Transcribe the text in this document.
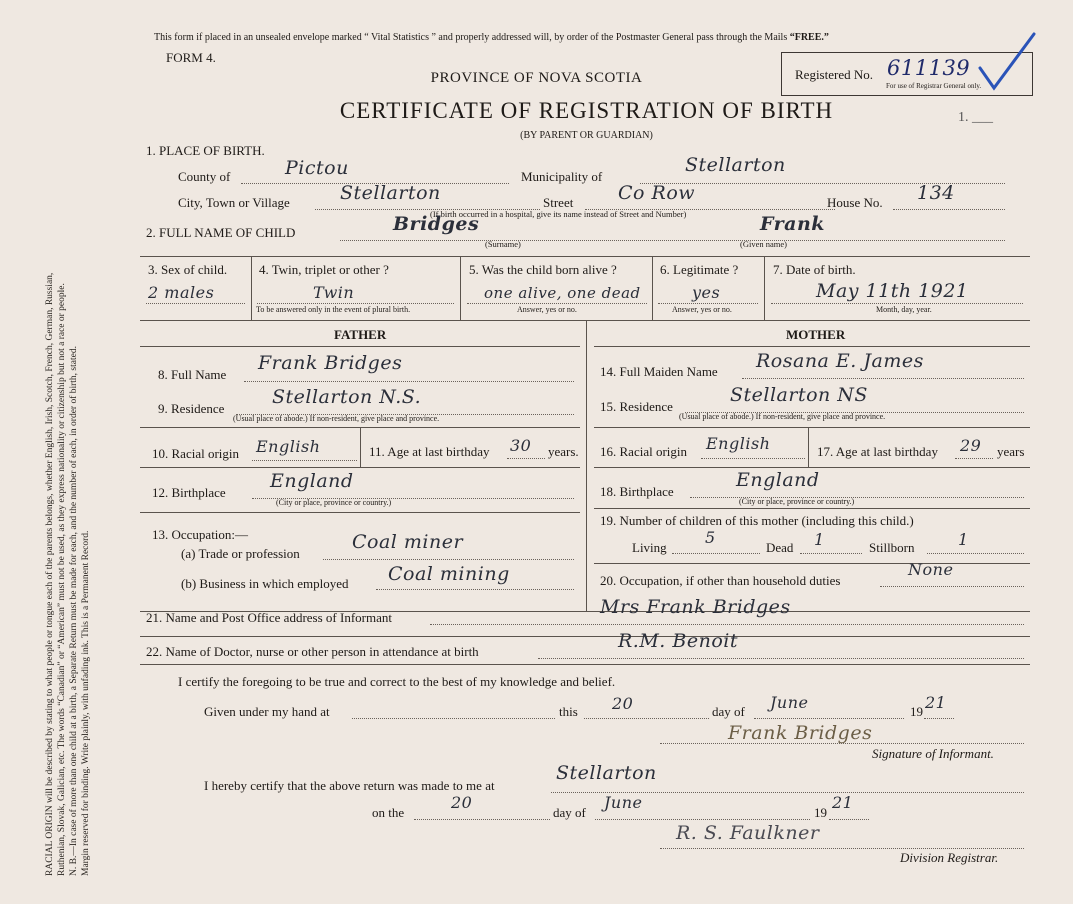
RACIAL ORIGIN will be described by stating to what people or tongue each of the parents belongs, whether English, Irish, Scotch, French, German, Russian, Ruthenian, Slovak, Galician, etc. The words “Canadian” or “American” must not be used, as they express nationality or citizenship but not a race or people. N. B.—In case of more than one child at a birth, a Separate Return must be made for each, and the number of each, in order of birth, stated. Margin reserved for binding. Write plainly, with unfading ink. This is a Permanent Record.
This form if placed in an unsealed envelope marked “ Vital Statistics ” and properly addressed will, by order of the Postmaster General pass through the Mails “FREE.”
FORM 4.
Registered No. 611139
For use of Registrar General only.
1. ___
PROVINCE OF NOVA SCOTIA
CERTIFICATE OF REGISTRATION OF BIRTH
(BY PARENT OR GUARDIAN)
1. PLACE OF BIRTH.
County of	Pictou	Municipality of
Stellarton
City, Town or Village	Stellarton	Street Co Row	House No. 134
(If birth occurred in a hospital, give its name instead of Street and Number)
2. FULL NAME OF CHILD	Bridges	Frank
(Surname)	(Given name)
3. Sex of child.
2 males
4. Twin, triplet or other ?
Twin
To be answered only in the event of plural birth.
5. Was the child born alive ?
one alive, one dead
Answer, yes or no.
6. Legitimate ?
yes
Answer, yes or no.
7. Date of birth.
May 11th 1921
Month, day, year.
FATHER	MOTHER
8. Full Name
Frank Bridges
9. Residence
Stellarton N.S.
(Usual place of abode.) If non-resident, give place and province.
10. Racial origin English	11. Age at last birthday 30 years.
12. Birthplace
England
(City or place, province or country.)
13. Occupation:—
(a) Trade or profession
Coal miner
(b) Business in which employed Coal mining
14. Full Maiden Name Rosana E. James
15. Residence
Stellarton NS
(Usual place of abode.) If non-resident, give place and province.
16. Racial origin English	17. Age at last birthday 29 years
18. Birthplace
England
(City or place, province or country.)
19. Number of children of this mother (including this child.)
Living
5
Dead 1	Stillborn	1
20. Occupation, if other than household duties
None
21. Name and Post Office address of Informant	Mrs Frank Bridges
22. Name of Doctor, nurse or other person in attendance at birth	R.M. Benoit
I certify the foregoing to be true and correct to the best of my knowledge and belief.
Given under my hand at	this 20	day of June	19 21
Frank Bridges
Signature of Informant.
I hereby certify that the above return was made to me at
Stellarton
on the
20
day of
June
19
21
R. S. Faulkner
Division Registrar.
